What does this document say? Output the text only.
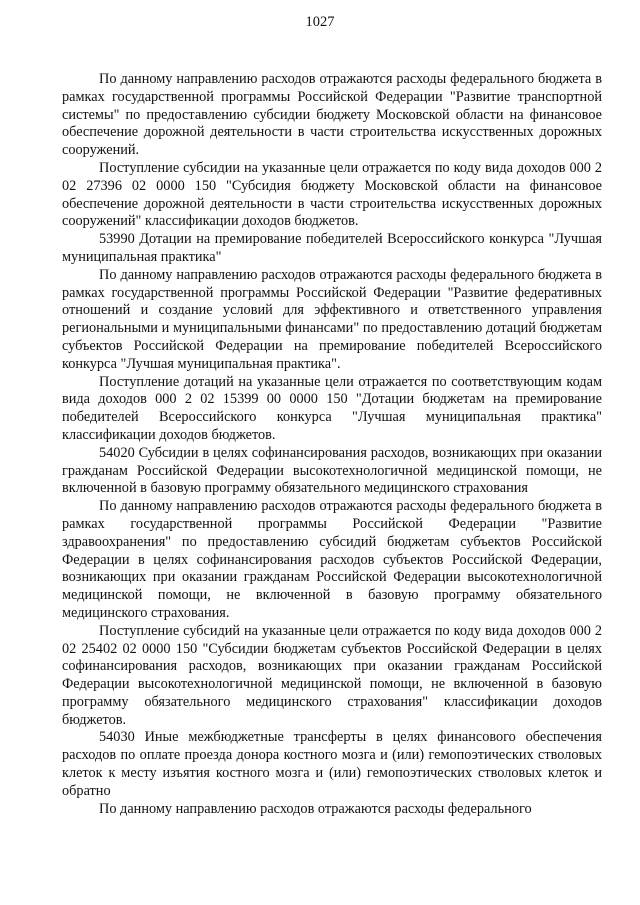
1027

По данному направлению расходов отражаются расходы федерального бюджета в рамках государственной программы Российской Федерации "Развитие транспортной системы" по предоставлению субсидии бюджету Московской области на финансовое обеспечение дорожной деятельности в части строительства искусственных дорожных сооружений.

Поступление субсидии на указанные цели отражается по коду вида доходов 000 2 02 27396 02 0000 150 "Субсидия бюджету Московской области на финансовое обеспечение дорожной деятельности в части строительства искусственных дорожных сооружений" классификации доходов бюджетов.

53990 Дотации на премирование победителей Всероссийского конкурса "Лучшая муниципальная практика"

По данному направлению расходов отражаются расходы федерального бюджета в рамках государственной программы Российской Федерации "Развитие федеративных отношений и создание условий для эффективного и ответственного управления региональными и муниципальными финансами" по предоставлению дотаций бюджетам субъектов Российской Федерации на премирование победителей Всероссийского конкурса "Лучшая муниципальная практика".

Поступление дотаций на указанные цели отражается по соответствующим кодам вида доходов 000 2 02 15399 00 0000 150 "Дотации бюджетам на премирование победителей Всероссийского конкурса "Лучшая муниципальная практика" классификации доходов бюджетов.

54020 Субсидии в целях софинансирования расходов, возникающих при оказании гражданам Российской Федерации высокотехнологичной медицинской помощи, не включенной в базовую программу обязательного медицинского страхования

По данному направлению расходов отражаются расходы федерального бюджета в рамках государственной программы Российской Федерации "Развитие здравоохранения" по предоставлению субсидий бюджетам субъектов Российской Федерации в целях софинансирования расходов субъектов Российской Федерации, возникающих при оказании гражданам Российской Федерации высокотехнологичной медицинской помощи, не включенной в базовую программу обязательного медицинского страхования.

Поступление субсидий на указанные цели отражается по коду вида доходов 000 2 02 25402 02 0000 150 "Субсидии бюджетам субъектов Российской Федерации в целях софинансирования расходов, возникающих при оказании гражданам Российской Федерации высокотехнологичной медицинской помощи, не включенной в базовую программу обязательного медицинского страхования" классификации доходов бюджетов.

54030 Иные межбюджетные трансферты в целях финансового обеспечения расходов по оплате проезда донора костного мозга и (или) гемопоэтических стволовых клеток к месту изъятия костного мозга и (или) гемопоэтических стволовых клеток и обратно

По данному направлению расходов отражаются расходы федерального
